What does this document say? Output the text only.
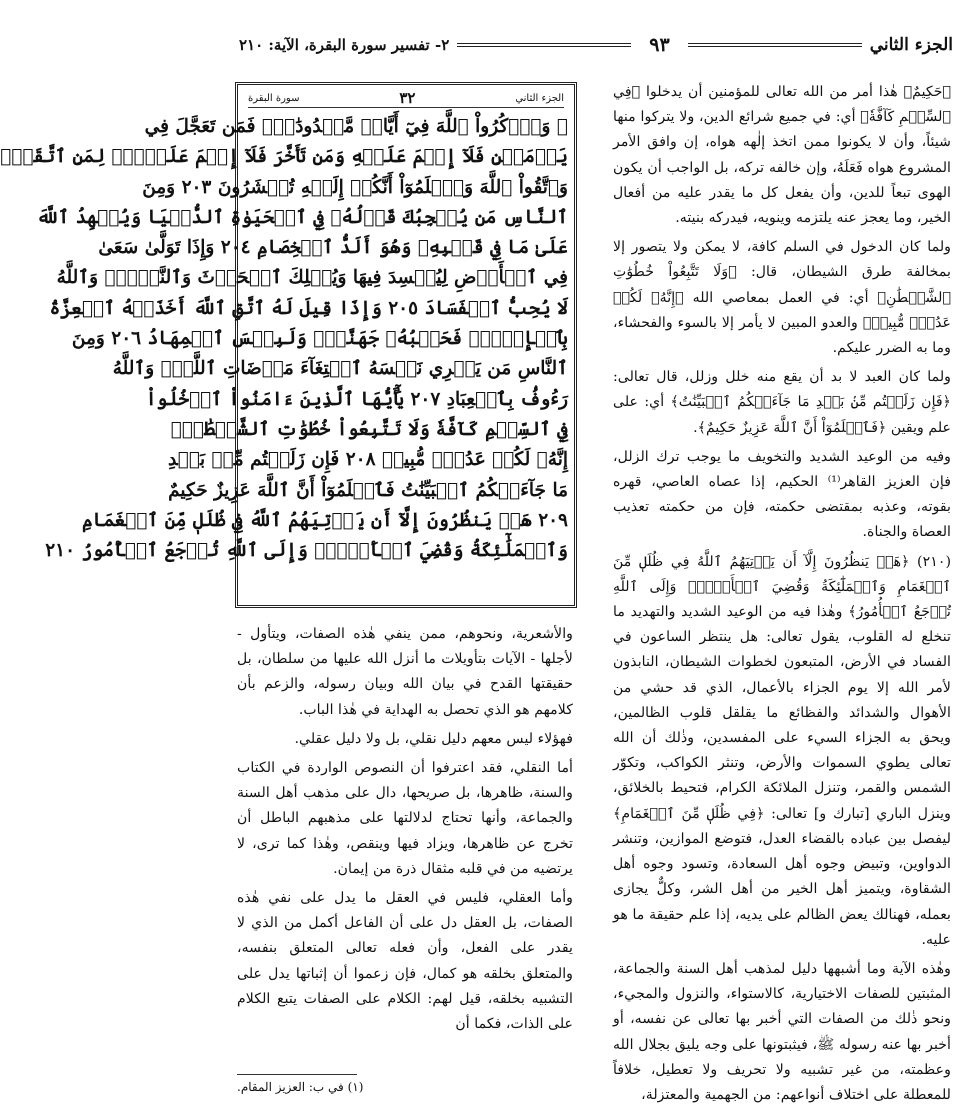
الجزء الثاني
٩٣
٢- تفسير سورة البقرة، الآية: ٢١٠

﴿حَكِيمٌ﴾ هٰذا أمر من الله تعالى للمؤمنين أن يدخلوا ﴿فِي ٱلسِّلۡمِ كَآفَّةٗ﴾ أي: في جميع شرائع الدين، ولا يتركوا منها شيئاً، وأن لا يكونوا ممن اتخذ إلٰهه هواه، إن وافق الأمر المشروع هواه فَعَلَهُ، وإن خالفه تركه، بل الواجب أن يكون الهوى تبعاً للدين، وأن يفعل كل ما يقدر عليه من أفعال الخير، وما يعجز عنه يلتزمه وينويه، فيدركه بنيته.

ولما كان الدخول في السلم كافة، لا يمكن ولا يتصور إلا بمخالفة طرق الشيطان، قال: ﴿وَلَا تَتَّبِعُواْ خُطُوَٰتِ ٱلشَّيۡطَٰنِ﴾ أي: في العمل بمعاصي الله ﴿إِنَّهُۥ لَكُمۡ عَدُوّٞ مُّبِينٞ﴾ والعدو المبين لا يأمر إلا بالسوء والفحشاء، وما به الضرر عليكم.

ولما كان العبد لا بد أن يقع منه خلل وزلل، قال تعالى: ﴿فَإِن زَلَلۡتُم مِّنۢ بَعۡدِ مَا جَآءَتۡكُمُ ٱلۡبَيِّنَٰتُ﴾ أي: على علم ويقين ﴿فَٱعۡلَمُوٓاْ أَنَّ ٱللَّهَ عَزِيزٌ حَكِيمٌ﴾.

وفيه من الوعيد الشديد والتخويف ما يوجب ترك الزلل، فإن العزيز القاهر⁽¹⁾ الحكيم، إذا عصاه العاصي، قهره بقوته، وعذبه بمقتضى حكمته، فإن من حكمته تعذيب العصاة والجناة.

(٢١٠) ﴿هَلۡ يَنظُرُونَ إِلَّآ أَن يَأۡتِيَهُمُ ٱللَّهُ فِي ظُلَلٖ مِّنَ ٱلۡغَمَامِ وَٱلۡمَلَٰٓئِكَةُ وَقُضِيَ ٱلۡأَمۡرُۚ وَإِلَى ٱللَّهِ تُرۡجَعُ ٱلۡأُمُورُ﴾ وهٰذا فيه من الوعيد الشديد والتهديد ما تنخلع له القلوب، يقول تعالى: هل ينتظر الساعون في الفساد في الأرض، المتبعون لخطوات الشيطان، النابذون لأمر الله إلا يوم الجزاء بالأعمال، الذي قد حشي من الأهوال والشدائد والفظائع ما يقلقل قلوب الظالمين، ويحق به الجزاء السيء على المفسدين، وذٰلك أن الله تعالى يطوي السموات والأرض، وتنثر الكواكب، وتكوّر الشمس والقمر، وتنزل الملائكة الكرام، فتحيط بالخلائق، وينزل الباري [تبارك و] تعالى: ﴿فِي ظُلَلٖ مِّنَ ٱلۡغَمَامِ﴾ ليفصل بين عباده بالقضاء العدل، فتوضع الموازين، وتنشر الدواوين، وتبيض وجوه أهل السعادة، وتسود وجوه أهل الشقاوة، ويتميز أهل الخير من أهل الشر، وكلٌّ يجازى بعمله، فهنالك يعض الظالم على يديه، إذا علم حقيقة ما هو عليه.

وهٰذه الآية وما أشبهها دليل لمذهب أهل السنة والجماعة، المثبتين للصفات الاختيارية، كالاستواء، والنزول والمجيء، ونحو ذٰلك من الصفات التي أخبر بها تعالى عن نفسه، أو أخبر بها عنه رسوله ﷺ، فيثبتونها على وجه يليق بجلال الله وعظمته، من غير تشبيه ولا تحريف ولا تعطيل، خلافاً للمعطلة على اختلاف أنواعهم: من الجهمية والمعتزلة،

الجزء الثاني
٣٢
سورة البقرة
۞ وَٱذۡكُرُواْ ٱللَّهَ فِيٓ أَيَّامٖ مَّعۡدُودَٰتٖۚ فَمَن تَعَجَّلَ فِي
يَوۡمَيۡنِ فَلَآ إِثۡمَ عَلَيۡهِ وَمَن تَأَخَّرَ فَلَآ إِثۡمَ عَلَيۡهِۖ لِمَنِ ٱتَّقَىٰۗ
وَٱتَّقُواْ ٱللَّهَ وَٱعۡلَمُوٓاْ أَنَّكُمۡ إِلَيۡهِ تُحۡشَرُونَ ٢٠٣ وَمِنَ
ٱلنَّاسِ مَن يُعۡجِبُكَ قَوۡلُهُۥ فِي ٱلۡحَيَوٰةِ ٱلدُّنۡيَا وَيُشۡهِدُ ٱللَّهَ
عَلَىٰ مَا فِي قَلۡبِهِۦ وَهُوَ أَلَدُّ ٱلۡخِصَامِ ٢٠٤ وَإِذَا تَوَلَّىٰ سَعَىٰ
فِي ٱلۡأَرۡضِ لِيُفۡسِدَ فِيهَا وَيُهۡلِكَ ٱلۡحَرۡثَ وَٱلنَّسۡلَۚ وَٱللَّهُ
لَا يُحِبُّ ٱلۡفَسَادَ ٢٠٥ وَإِذَا قِيلَ لَهُ ٱتَّقِ ٱللَّهَ أَخَذَتۡهُ ٱلۡعِزَّةُ
بِٱلۡإِثۡمِۚ فَحَسۡبُهُۥ جَهَنَّمُۖ وَلَبِئۡسَ ٱلۡمِهَادُ ٢٠٦ وَمِنَ
ٱلنَّاسِ مَن يَشۡرِي نَفۡسَهُ ٱبۡتِغَآءَ مَرۡضَاتِ ٱللَّهِۚ وَٱللَّهُ
رَءُوفُۢ بِٱلۡعِبَادِ ٢٠٧ يَٰٓأَيُّهَا ٱلَّذِينَ ءَامَنُواْ ٱدۡخُلُواْ
فِي ٱلسِّلۡمِ كَآفَّةٗ وَلَا تَتَّبِعُواْ خُطُوَٰتِ ٱلشَّيۡطَٰنِۚ
إِنَّهُۥ لَكُمۡ عَدُوّٞ مُّبِينٞ ٢٠٨ فَإِن زَلَلۡتُم مِّنۢ بَعۡدِ
مَا جَآءَتۡكُمُ ٱلۡبَيِّنَٰتُ فَٱعۡلَمُوٓاْ أَنَّ ٱللَّهَ عَزِيزٌ حَكِيمٌ
٢٠٩ هَلۡ يَنظُرُونَ إِلَّآ أَن يَأۡتِيَهُمُ ٱللَّهُ فِي ظُلَلٖ مِّنَ ٱلۡغَمَامِ
وَٱلۡمَلَٰٓئِكَةُ وَقُضِيَ ٱلۡأَمۡرُۚ وَإِلَى ٱللَّهِ تُرۡجَعُ ٱلۡأُمُورُ ٢١٠

والأشعرية، ونحوهم، ممن ينفي هٰذه الصفات، ويتأول - لأجلها - الآيات بتأويلات ما أنزل الله عليها من سلطان، بل حقيقتها القدح في بيان الله وبيان رسوله، والزعم بأن كلامهم هو الذي تحصل به الهداية في هٰذا الباب.

فهؤلاء ليس معهم دليل نقلي، بل ولا دليل عقلي.

أما النقلي، فقد اعترفوا أن النصوص الواردة في الكتاب والسنة، ظاهرها، بل صريحها، دال على مذهب أهل السنة والجماعة، وأنها تحتاج لدلالتها على مذهبهم الباطل أن تخرج عن ظاهرها، ويزاد فيها وينقص، وهٰذا كما ترى، لا يرتضيه من في قلبه مثقال ذرة من إيمان.

وأما العقلي، فليس في العقل ما يدل على نفي هٰذه الصفات، بل العقل دل على أن الفاعل أكمل من الذي لا يقدر على الفعل، وأن فعله تعالى المتعلق بنفسه، والمتعلق بخلقه هو كمال، فإن زعموا أن إثباتها يدل على التشبيه بخلقه، قيل لهم: الكلام على الصفات يتبع الكلام على الذات، فكما أن

(١) في ب: العزيز المقام.
